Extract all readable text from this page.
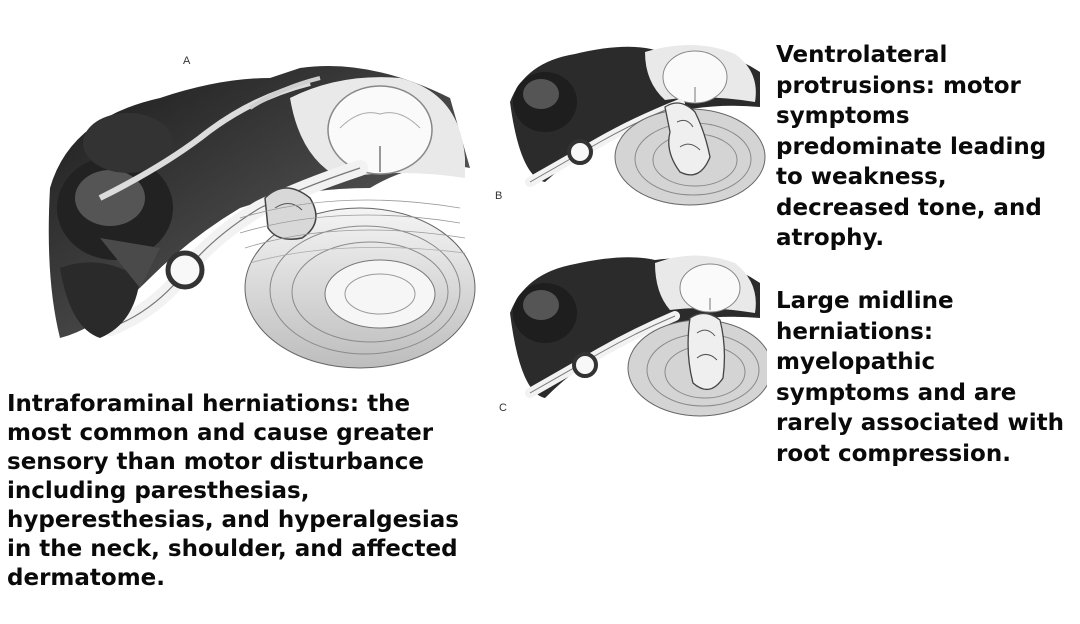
A
B
C
Intraforaminal herniations: the
most common and cause greater
sensory than motor disturbance
including paresthesias,
hyperesthesias, and hyperalgesias
in the neck, shoulder, and affected
dermatome.
Ventrolateral
protrusions: motor
symptoms
predominate leading
to weakness,
decreased tone, and
atrophy.
Large midline
herniations:
myelopathic
symptoms and are
rarely associated with
root compression.
